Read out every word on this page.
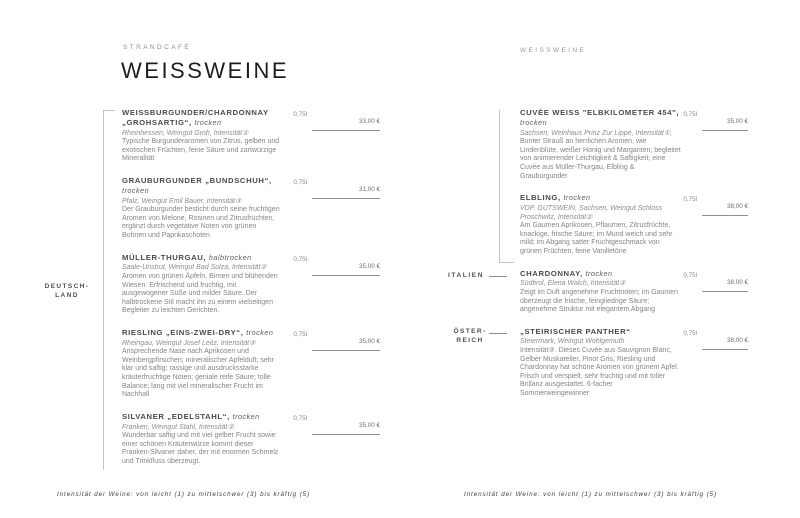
STRANDCAFÉ
WEISSWEINE
WEISSWEINE
DEUTSCH-
LAND
ITALIEN
ÖSTER-
REICH
WEISSBURGUNDER/CHARDONNAY „GROHSARTIG“, trocken
Rheinhessen, Weingut Groh, Intensität②
Typische Burgunderaromen von Zitrus, gelben und exotischen Früchten, feine Säure und zartwürzige Mineralität
0,75l
33,00 €
GRAUBURGUNDER „BUNDSCHUH“, trocken
Pfalz, Weingut Emil Bauer, Intensität③
Der Grauburgunder besticht durch seine fruchtigen Aromen von Melone, Rosinen und Zitrusfrüchten, ergänzt durch vegetative Noten von grünen Bohnen und Paprikaschoten
0,75l
31,00 €
MÜLLER-THURGAU, halbtrocken
Saale-Unstrut, Weingut Bad Sulza, Intensität②
Aromen von grünen Äpfeln, Birnen und blühenden Wiesen. Erfrischend und fruchtig, mit ausgewogener Süße und milder Säure. Der halbtrockene Stil macht ihn zu einem vielseitigen Begleiter zu leichten Gerichten.
0,75l
35,00 €
RIESLING „EINS-ZWEI-DRY“, trocken
Rheingau, Weingut Josef Leitz, Intensität③
Ansprechende Nase nach Aprikosen und Weinbergpfirsichen; mineralischer Apfelduft; sehr klar und saftig; rassige und ausdrucksstarke kräuterfruchtige Noten; geniale reife Säure; tolle Balance; lang mit viel mineralischer Frucht im Nachhall
0,75l
35,00 €
SILVANER „EDELSTAHL“, trocken
Franken, Weingut Stahl, Intensität③.
Wunderbar saftig und mit viel gelber Frucht sowie einer schönen Kräuterwürze kommt dieser Franken-Silvaner daher, der mit enormen Schmelz und Trinkfluss überzeugt.
0,75l
35,00 €
CUVÉE WEISS "ELBKILOMETER 454", trocken
Sachsen, Weinhaus Prinz Zur Lippe, Intensität①,
Bunter Strauß an herrlichen Aromen, wie Lindenblüte, weißer Honig und Margariten; begleitet von animierender Leichtigkeit & Saftigkeit; eine Cuvée aus Müller-Thurgau, Elbling & Grauburgunder
0,75l
35,00 €
ELBLING, trocken
VDP. GUTSWEIN, Sachsen, Weingut Schloss Proschwitz, Intensität②
Am Gaumen Aprikosen, Pflaumen, Zitrusfrüchte, knackige, frische Säure; im Mund weich und sehr mild; im Abgang satter Fruchtgeschmack von grünen Früchten, feine Vanilletöne
0,75l
38,00 €
CHARDONNAY, trocken
Südtirol, Elena Walch, Intensität③
Zeigt im Duft angenehme Fruchtnoten; im Gaumen überzeugt die frische, feingliedrige Säure; angenehme Struktur mit elegantem Abgang
0,75l
38,00 €
„STEIRISCHER PANTHER“
Steiermark, Weingut Wohlgemuth
Intensität③. Dieses Cuvée aus Sauvignon Blanc, Gelber Muskateller, Pinot Gris, Riesling und Chardonnay hat schöne Aromen von grünem Apfel. Frisch und verspielt, sehr fruchtig und mit toller Brillanz ausgestattet. 6-facher Sommerweingewinner
0,75l
38,00 €
Intensität der Weine: von leicht (1) zu mittelschwer (3) bis kräftig (5)	Intensität der Weine: von leicht (1) zu mittelschwer (3) bis kräftig (5)
